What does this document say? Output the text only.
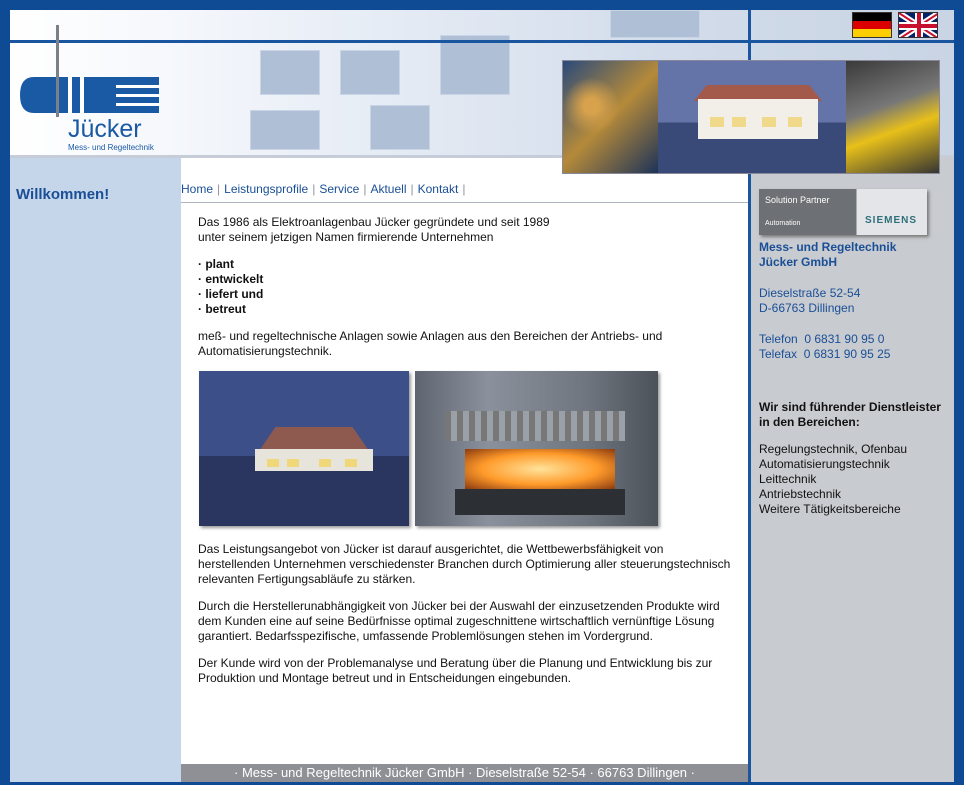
Jücker
Mess- und Regeltechnik
Willkommen!	Home | Leistungsprofile | Service | Aktuell | Kontakt |

Das 1986 als Elektroanlagenbau Jücker gegründete und seit 1989
unter seinem jetzigen Namen firmierende Unternehmen

· plant
· entwickelt
· liefert und
· betreut

meß- und regeltechnische Anlagen sowie Anlagen aus den Bereichen der Antriebs- und Automatisierungstechnik.

Das Leistungsangebot von Jücker ist darauf ausgerichtet, die Wettbewerbsfähigkeit von herstellenden Unternehmen verschiedenster Branchen durch Optimierung aller steuerungstechnisch relevanten Fertigungsabläufe zu stärken.

Durch die Herstellerunabhängigkeit von Jücker bei der Auswahl der einzusetzenden Produkte wird dem Kunden eine auf seine Bedürfnisse optimal zugeschnittene wirtschaftlich vernünftige Lösung garantiert. Bedarfsspezifische, umfassende Problemlösungen stehen im Vordergrund.

Der Kunde wird von der Problemanalyse und Beratung über die Planung und Entwicklung bis zur Produktion und Montage betreut und in Entscheidungen eingebunden.

· Mess- und Regeltechnik Jücker GmbH · Dieselstraße 52-54 · 66763 Dillingen ·
Solution Partner
Automation	SIEMENS
Mess- und Regeltechnik
Jücker GmbH
Dieselstraße 52-54
D-66763 Dillingen
Telefon  0 6831 90 95 0
Telefax  0 6831 90 95 25
Wir sind führender Dienstleister in den Bereichen:
Regelungstechnik, Ofenbau
Automatisierungstechnik
Leittechnik
Antriebstechnik
Weitere Tätigkeitsbereiche
